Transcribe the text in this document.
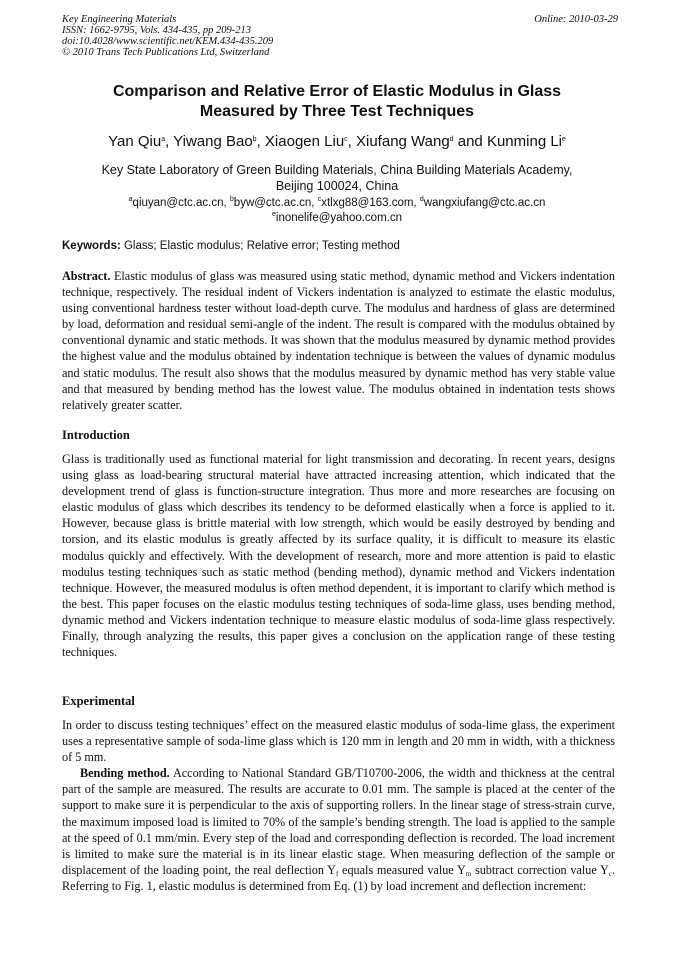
Key Engineering Materials
ISSN: 1662-9795, Vols. 434-435, pp 209-213
doi:10.4028/www.scientific.net/KEM.434-435.209
© 2010 Trans Tech Publications Ltd, Switzerland
Online: 2010-03-29
Comparison and Relative Error of Elastic Modulus in Glass
Measured by Three Test Techniques
Yan Qiu$^a$, Yiwang Bao$^b$, Xiaogen Liu$^c$, Xiufang Wang$^d$ and Kunming Li$^e$
Key State Laboratory of Green Building Materials, China Building Materials Academy,
Beijing 100024, China
$^a$qiuyan@ctc.ac.cn, $^b$byw@ctc.ac.cn, $^c$xtlxg88@163.com, $^d$wangxiufang@ctc.ac.cn
$^e$inonelife@yahoo.com.cn
Keywords: Glass; Elastic modulus; Relative error; Testing method

Abstract. Elastic modulus of glass was measured using static method, dynamic method and Vickers indentation technique, respectively. The residual indent of Vickers indentation is analyzed to estimate the elastic modulus, using conventional hardness tester without load-depth curve. The modulus and hardness of glass are determined by load, deformation and residual semi-angle of the indent. The result is compared with the modulus obtained by conventional dynamic and static methods. It was shown that the modulus measured by dynamic method provides the highest value and the modulus obtained by indentation technique is between the values of dynamic modulus and static modulus. The result also shows that the modulus measured by dynamic method has very stable value and that measured by bending method has the lowest value. The modulus obtained in indentation tests shows relatively greater scatter.

Introduction

Glass is traditionally used as functional material for light transmission and decorating. In recent years, designs using glass as load-bearing structural material have attracted increasing attention, which indicated that the development trend of glass is function-structure integration. Thus more and more researches are focusing on elastic modulus of glass which describes its tendency to be deformed elastically when a force is applied to it. However, because glass is brittle material with low strength, which would be easily destroyed by bending and torsion, and its elastic modulus is greatly affected by its surface quality, it is difficult to measure its elastic modulus quickly and effectively. With the development of research, more and more attention is paid to elastic modulus testing techniques such as static method (bending method), dynamic method and Vickers indentation technique. However, the measured modulus is often method dependent, it is important to clarify which method is the best. This paper focuses on the elastic modulus testing techniques of soda-lime glass, uses bending method, dynamic method and Vickers indentation technique to measure elastic modulus of soda-lime glass respectively. Finally, through analyzing the results, this paper gives a conclusion on the application range of these testing techniques.

Experimental

In order to discuss testing techniques’ effect on the measured elastic modulus of soda-lime glass, the experiment uses a representative sample of soda-lime glass which is 120 mm in length and 20 mm in width, with a thickness of 5 mm.

Bending method. According to National Standard GB/T10700-2006, the width and thickness at the central part of the sample are measured. The results are accurate to 0.01 mm. The sample is placed at the center of the support to make sure it is perpendicular to the axis of supporting rollers. In the linear stage of stress-strain curve, the maximum imposed load is limited to 70% of the sample’s bending strength. The load is applied to the sample at the speed of 0.1 mm/min. Every step of the load and corresponding deflection is recorded. The load increment is limited to make sure the material is in its linear elastic stage. When measuring deflection of the sample or displacement of the loading point, the real deflection $Y_f$ equals measured value $Y_m$ subtract correction value $Y_c$. Referring to Fig. 1, elastic modulus is determined from Eq. (1) by load increment and deflection increment:
